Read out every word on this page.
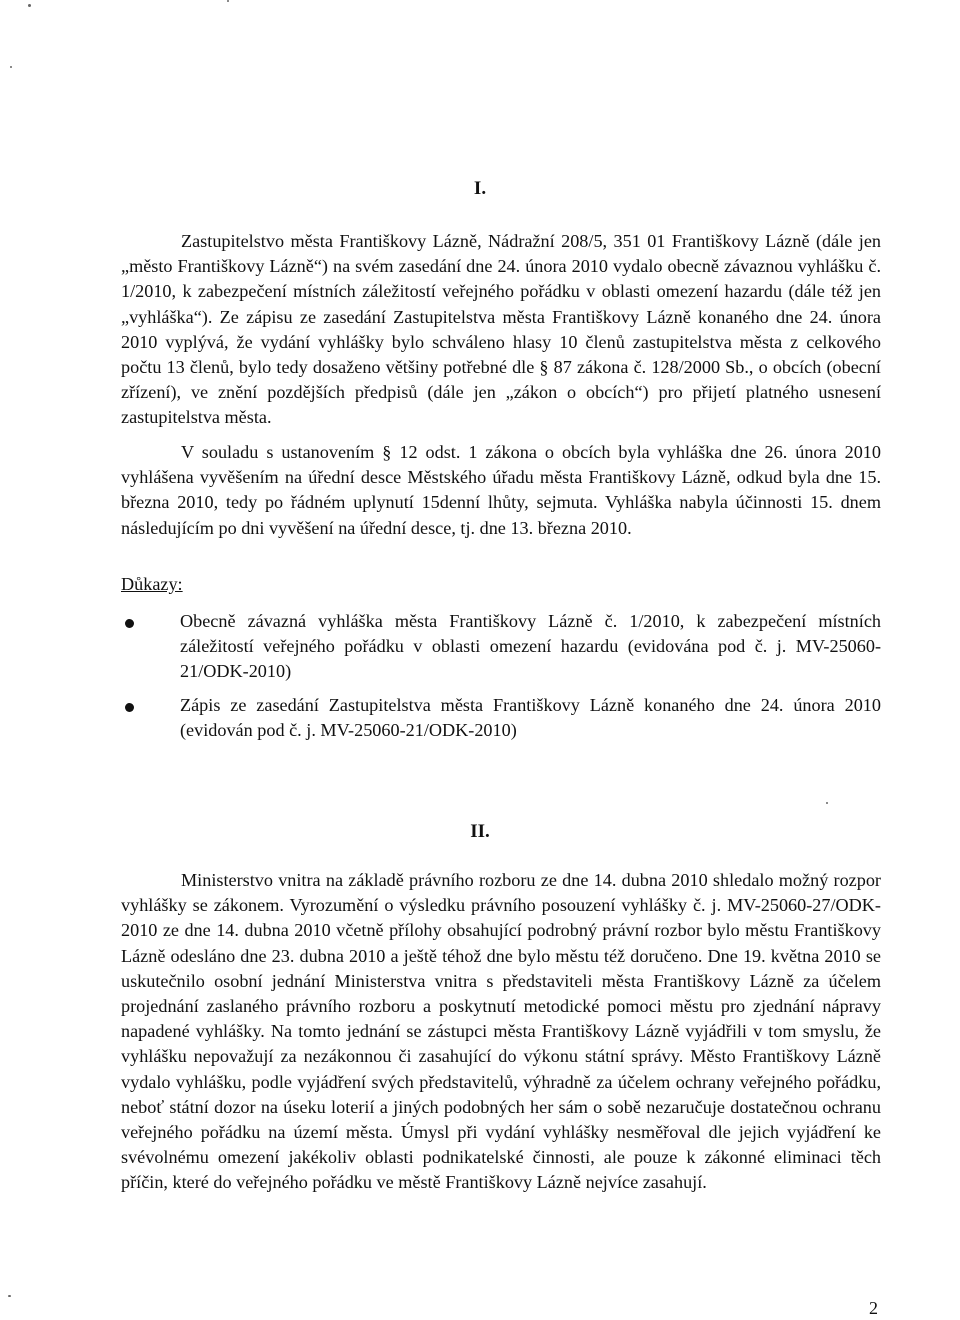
I.

Zastupitelstvo města Františkovy Lázně, Nádražní 208/5, 351 01 Františkovy Lázně (dále jen „město Františkovy Lázně“) na svém zasedání dne 24. února 2010 vydalo obecně závaznou vyhlášku č. 1/2010, k zabezpečení místních záležitostí veřejného pořádku v oblasti omezení hazardu (dále též jen „vyhláška“). Ze zápisu ze zasedání Zastupitelstva města Františkovy Lázně konaného dne 24. února 2010 vyplývá, že vydání vyhlášky bylo schváleno hlasy 10 členů zastupitelstva města z celkového počtu 13 členů, bylo tedy dosaženo většiny potřebné dle § 87 zákona č. 128/2000 Sb., o obcích (obecní zřízení), ve znění pozdějších předpisů (dále jen „zákon o obcích“) pro přijetí platného usnesení zastupitelstva města.

V souladu s ustanovením § 12 odst. 1 zákona o obcích byla vyhláška dne 26. února 2010 vyhlášena vyvěšením na úřední desce Městského úřadu města Františkovy Lázně, odkud byla dne 15. března 2010, tedy po řádném uplynutí 15denní lhůty, sejmuta. Vyhláška nabyla účinnosti 15. dnem následujícím po dni vyvěšení na úřední desce, tj. dne 13. března 2010.

Důkazy:

Obecně závazná vyhláška města Františkovy Lázně č. 1/2010, k zabezpečení místních záležitostí veřejného pořádku v oblasti omezení hazardu (evidována pod č. j. MV-25060-21/ODK-2010)

Zápis ze zasedání Zastupitelstva města Františkovy Lázně konaného dne 24. února 2010 (evidován pod č. j. MV-25060-21/ODK-2010)

II.

Ministerstvo vnitra na základě právního rozboru ze dne 14. dubna 2010 shledalo možný rozpor vyhlášky se zákonem. Vyrozumění o výsledku právního posouzení vyhlášky č. j. MV-25060-27/ODK-2010 ze dne 14. dubna 2010 včetně přílohy obsahující podrobný právní rozbor bylo městu Františkovy Lázně odesláno dne 23. dubna 2010 a ještě téhož dne bylo městu též doručeno. Dne 19. května 2010 se uskutečnilo osobní jednání Ministerstva vnitra s představiteli města Františkovy Lázně za účelem projednání zaslaného právního rozboru a poskytnutí metodické pomoci městu pro zjednání nápravy napadené vyhlášky. Na tomto jednání se zástupci města Františkovy Lázně vyjádřili v tom smyslu, že vyhlášku nepovažují za nezákonnou či zasahující do výkonu státní správy. Město Františkovy Lázně vydalo vyhlášku, podle vyjádření svých představitelů, výhradně za účelem ochrany veřejného pořádku, neboť státní dozor na úseku loterií a jiných podobných her sám o sobě nezaručuje dostatečnou ochranu veřejného pořádku na území města. Úmysl při vydání vyhlášky nesměřoval dle jejich vyjádření ke svévolnému omezení jakékoliv oblasti podnikatelské činnosti, ale pouze k zákonné eliminaci těch příčin, které do veřejného pořádku ve městě Františkovy Lázně nejvíce zasahují.

2
